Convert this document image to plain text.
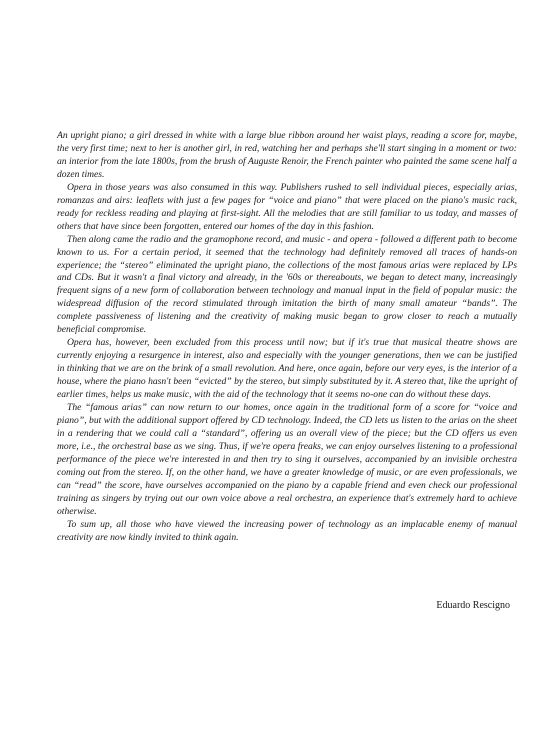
An upright piano; a girl dressed in white with a large blue ribbon around her waist plays, reading a score for, maybe, the very first time; next to her is another girl, in red, watching her and perhaps she'll start singing in a moment or two: an interior from the late 1800s, from the brush of Auguste Renoir, the French painter who painted the same scene half a dozen times.

Opera in those years was also consumed in this way. Publishers rushed to sell individual pieces, especially arias, romanzas and airs: leaflets with just a few pages for “voice and piano” that were placed on the piano's music rack, ready for reckless reading and playing at first-sight. All the melodies that are still familiar to us today, and masses of others that have since been forgotten, entered our homes of the day in this fashion.

Then along came the radio and the gramophone record, and music - and opera - followed a different path to become known to us. For a certain period, it seemed that the technology had definitely removed all traces of hands-on experience; the “stereo” eliminated the upright piano, the collections of the most famous arias were replaced by LPs and CDs. But it wasn't a final victory and already, in the '60s or thereabouts, we began to detect many, increasingly frequent signs of a new form of collaboration between technology and manual input in the field of popular music: the widespread diffusion of the record stimulated through imitation the birth of many small amateur “bands”. The complete passiveness of listening and the creativity of making music began to grow closer to reach a mutually beneficial compromise.

Opera has, however, been excluded from this process until now; but if it's true that musical theatre shows are currently enjoying a resurgence in interest, also and especially with the younger generations, then we can be justified in thinking that we are on the brink of a small revolution. And here, once again, before our very eyes, is the interior of a house, where the piano hasn't been “evicted” by the stereo, but simply substituted by it. A stereo that, like the upright of earlier times, helps us make music, with the aid of the technology that it seems no-one can do without these days.

The “famous arias” can now return to our homes, once again in the traditional form of a score for “voice and piano”, but with the additional support offered by CD technology. Indeed, the CD lets us listen to the arias on the sheet in a rendering that we could call a “standard”, offering us an overall view of the piece; but the CD offers us even more, i.e., the orchestral base as we sing. Thus, if we're opera freaks, we can enjoy ourselves listening to a professional performance of the piece we're interested in and then try to sing it ourselves, accompanied by an invisible orchestra coming out from the stereo. If, on the other hand, we have a greater knowledge of music, or are even professionals, we can “read” the score, have ourselves accompanied on the piano by a capable friend and even check our professional training as singers by trying out our own voice above a real orchestra, an experience that's extremely hard to achieve otherwise.

To sum up, all those who have viewed the increasing power of technology as an implacable enemy of manual creativity are now kindly invited to think again.

Eduardo Rescigno
